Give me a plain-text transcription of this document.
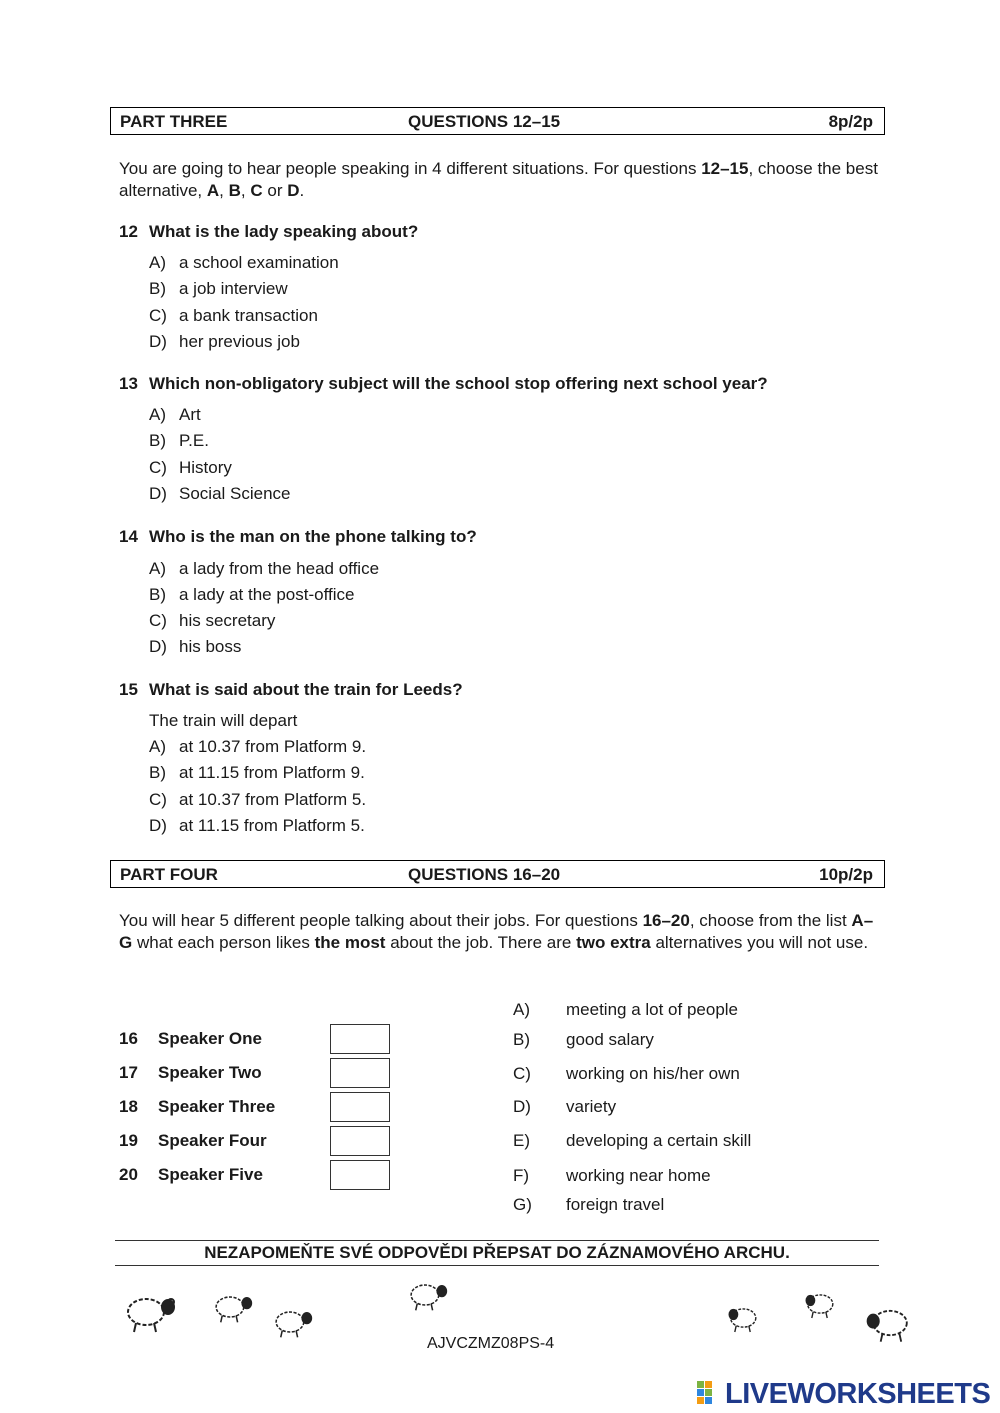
PART THREE	QUESTIONS 12–15	8p/2p
You are going to hear people speaking in 4 different situations. For questions 12–15, choose the best alternative, A, B, C or D.
12 What is the lady speaking about?
A) a school examination
B) a job interview
C) a bank transaction
D) her previous job
13 Which non-obligatory subject will the school stop offering next school year?
A) Art
B) P.E.
C) History
D) Social Science
14 Who is the man on the phone talking to?
A) a lady from the head office
B) a lady at the post-office
C) his secretary
D) his boss
15 What is said about the train for Leeds?
The train will depart
A) at 10.37 from Platform 9.
B) at 11.15 from Platform 9.
C) at 10.37 from Platform 5.
D) at 11.15 from Platform 5.
PART FOUR	QUESTIONS 16–20	10p/2p
You will hear 5 different people talking about their jobs. For questions 16–20, choose from the list A–G what each person likes the most about the job. There are two extra alternatives you will not use.
16 Speaker One
17 Speaker Two
18 Speaker Three
19 Speaker Four
20 Speaker Five
A) meeting a lot of people
B) good salary
C) working on his/her own
D) variety
E) developing a certain skill
F) working near home
G) foreign travel
NEZAPOMEŇTE SVÉ ODPOVĚDI PŘEPSAT DO ZÁZNAMOVÉHO ARCHU.
AJVCZMZ08PS-4
LIVEWORKSHEETS
